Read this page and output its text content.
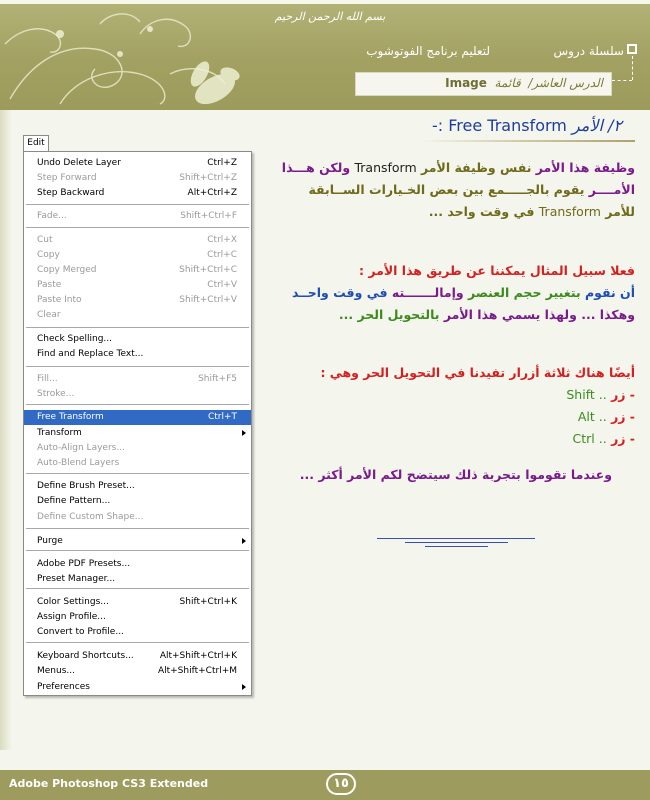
بسم الله الرحمن الرحيم
سلسلة دروس
لتعليم برنامج الفوتوشوب
الدرس العاشر/  قائمة  Image
Edit
Undo Delete Layer	Ctrl+Z
Step Forward	Shift+Ctrl+Z
Step Backward	Alt+Ctrl+Z
Fade...	Shift+Ctrl+F
Cut	Ctrl+X
Copy	Ctrl+C
Copy Merged	Shift+Ctrl+C
Paste	Ctrl+V
Paste Into	Shift+Ctrl+V
Clear
Check Spelling...
Find and Replace Text...
Fill...	Shift+F5
Stroke...
Free Transform	Ctrl+T
Transform
Auto-Align Layers...
Auto-Blend Layers
Define Brush Preset...
Define Pattern...
Define Custom Shape...
Purge
Adobe PDF Presets...
Preset Manager...
Color Settings...	Shift+Ctrl+K
Assign Profile...
Convert to Profile...
Keyboard Shortcuts...	Alt+Shift+Ctrl+K
Menus...	Alt+Shift+Ctrl+M
Preferences
٢/ الأمر Free Transform :-
وظيفة هذا الأمر نفس وظيفة الأمر Transform ولكن هـــذا
الأمــــر يقوم بالجـــــمع بين بعض الخـيارات الســابقة
للأمر Transform في وقت واحد ...
فعلا سبيل المثال يمكننا عن طريق هذا الأمر :
أن نقوم بتغيير حجم العنصر وإمالـــــــته في وقت واحــد
وهكذا ... ولهذا يسمي هذا الأمر بالتحويل الحر ...
أيضًا هناك ثلاثة أزرار تفيدنا في التحويل الحر وهي :
- زر Shift ..
- زر Alt ..
- زر Ctrl ..
وعندما تقوموا بتجربة ذلك سيتضح لكم الأمر أكثر ...
Adobe Photoshop CS3 Extended	١٥
